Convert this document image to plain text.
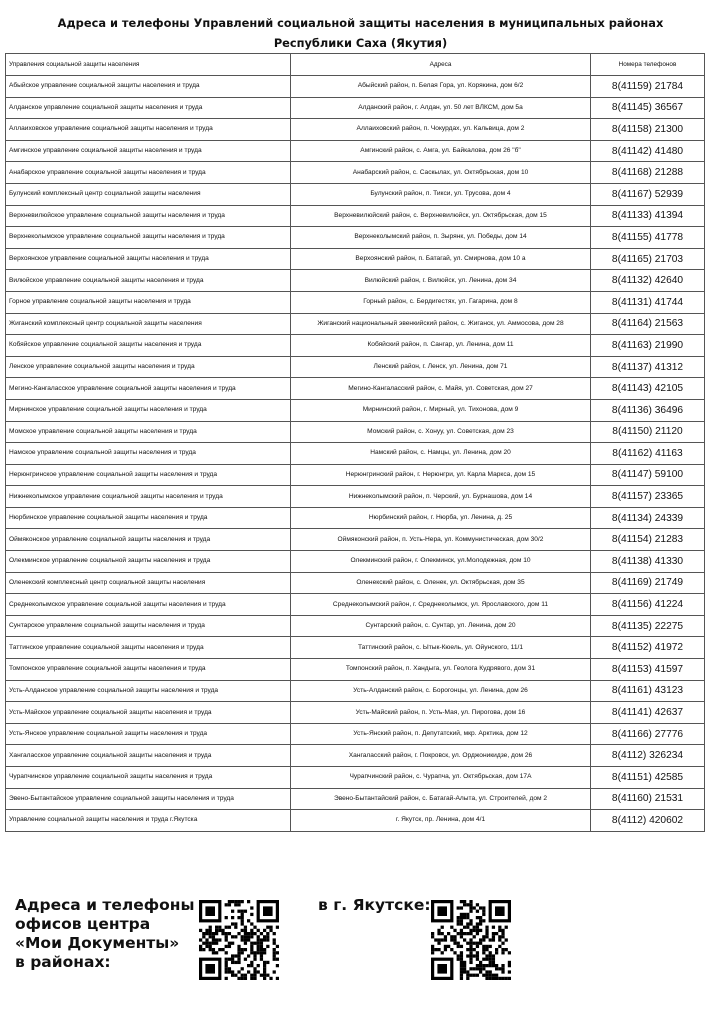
Адреса и телефоны Управлений социальной защиты населения в муниципальных районах
Республики Саха (Якутия)
Управления социальной защиты населения	Адреса	Номера телефонов
Абыйское управление социальной защиты населения и труда	Абыйский район, п. Белая Гора, ул. Корякина, дом 6/2	8(41159) 21784
Алданское управление социальной защиты населения и труда	Алданский район, г. Алдан, ул. 50 лет ВЛКСМ, дом 5а	8(41145) 36567
Аллаиховское управление социальной защиты населения и труда	Аллаиховский район, п. Чокурдах, ул. Кальвица, дом 2	8(41158) 21300
Амгинское управление социальной защиты населения и труда	Амгинский район, с. Амга, ул. Байкалова, дом 26 "б"	8(41142) 41480
Анабарское управление социальной защиты населения и труда	Анабарский район, с. Саскылах, ул. Октябрьская, дом 10	8(41168) 21288
Булунский комплексный центр социальной защиты населения	Булунский район, п. Тикси, ул. Трусова, дом 4	8(41167) 52939
Верхневилюйское управление социальной защиты населения и труда	Верхневилюйский район, с. Верхневилюйск, ул. Октябрьская, дом 15	8(41133) 41394
Верхнеколымское управление социальной защиты населения и труда	Верхнеколымский район, п. Зырянк, ул. Победы, дом 14	8(41155) 41778
Верхоянское управление социальной защиты населения и труда	Верхоянский район, п. Батагай, ул. Смирнова, дом 10 а	8(41165) 21703
Вилюйское управление социальной защиты населения и труда	Вилюйский район, г. Вилюйск, ул. Ленина, дом 34	8(41132) 42640
Горное управление социальной защиты населения и труда	Горный район, с. Бердигестях, ул. Гагарина, дом 8	8(41131) 41744
Жиганский комплексный центр социальной защиты населения	Жиганский национальный эвенкийский район, с. Жиганск, ул. Аммосова, дом 28	8(41164) 21563
Кобяйское управление социальной защиты населения и труда	Кобяйский район, п. Сангар, ул. Ленина, дом 11	8(41163) 21990
Ленское управление социальной защиты населения и труда	Ленский район, г. Ленск, ул. Ленина, дом 71	8(41137) 41312
Мегино-Кангаласское управление социальной защиты населения и труда	Мегино-Кангаласский район, с. Майя, ул. Советская, дом 27	8(41143) 42105
Мирнинское управление социальной защиты населения и труда	Мирнинский район, г. Мирный, ул. Тихонова, дом 9	8(41136) 36496
Момское управление социальной защиты населения и труда	Момский район, с. Хонуу, ул. Советская, дом 23	8(41150) 21120
Намское управление социальной защиты населения и труда	Намский район, с. Намцы, ул. Ленина, дом 20	8(41162) 41163
Нерюнгринское управление социальной защиты населения и труда	Нерюнгринский район, г. Нерюнгри, ул. Карла Маркса, дом 15	8(41147) 59100
Нижнеколымское управление социальной защиты населения и труда	Нижнеколымский район, п. Черский, ул. Бурнашова, дом 14	8(41157) 23365
Нюрбинское управление социальной защиты населения и труда	Нюрбинский район, г. Нюрба, ул. Ленина, д. 25	8(41134) 24339
Оймяконское управление социальной защиты населения и труда	Оймяконский район, п. Усть-Нера, ул. Коммунистическая, дом 30/2	8(41154) 21283
Олекминское управление социальной защиты населения и труда	Олекминский район, г. Олекминск, ул.Молодежная, дом 10	8(41138) 41330
Оленекский комплексный центр социальной защиты населения	Оленекский район, с. Оленек, ул. Октябрьская, дом 35	8(41169) 21749
Среднеколымское управление социальной защиты населения и труда	Среднеколымский район, г. Среднеколымск, ул. Ярославского, дом 11	8(41156) 41224
Сунтарское управление социальной защиты населения и труда	Сунтарский район, с. Сунтар, ул. Ленина, дом 20	8(41135) 22275
Таттинское управление социальной защиты населения и труда	Таттинский район, с. Ытык-Кюель, ул. Ойунского, 11/1	8(41152) 41972
Томпонское управление социальной защиты населения и труда	Томпонский район, п. Хандыга, ул. Геолога Кудрявого, дом 31	8(41153) 41597
Усть-Алданское управление социальной защиты населения и труда	Усть-Алданский район, с. Борогонцы, ул. Ленина, дом 26	8(41161) 43123
Усть-Майское управление социальной защиты населения и труда	Усть-Майский район, п. Усть-Мая, ул. Пирогова, дом 16	8(41141) 42637
Усть-Янское управление социальной защиты населения и труда	Усть-Янский район, п. Депутатский, мкр. Арктика, дом 12	8(41166) 27776
Хангаласское управление социальной защиты населения и труда	Хангаласский район, г. Покровск, ул. Орджоникидзе, дом 26	8(4112) 326234
Чурапчинское управление социальной защиты населения и труда	Чурапчинский район, с. Чурапча, ул. Октябрьская, дом 17А	8(41151) 42585
Эвено-Бытантайское управление социальной защиты населения и труда	Эвено-Бытантайский район, с. Батагай-Алыта, ул. Строителей, дом 2	8(41160) 21531
Управление социальной защиты населения и труда г.Якутска	г. Якутск, пр. Ленина, дом 4/1	8(4112) 420602
Адреса и телефоны
офисов центра
«Мои Документы»
в районах:
в г. Якутске:
